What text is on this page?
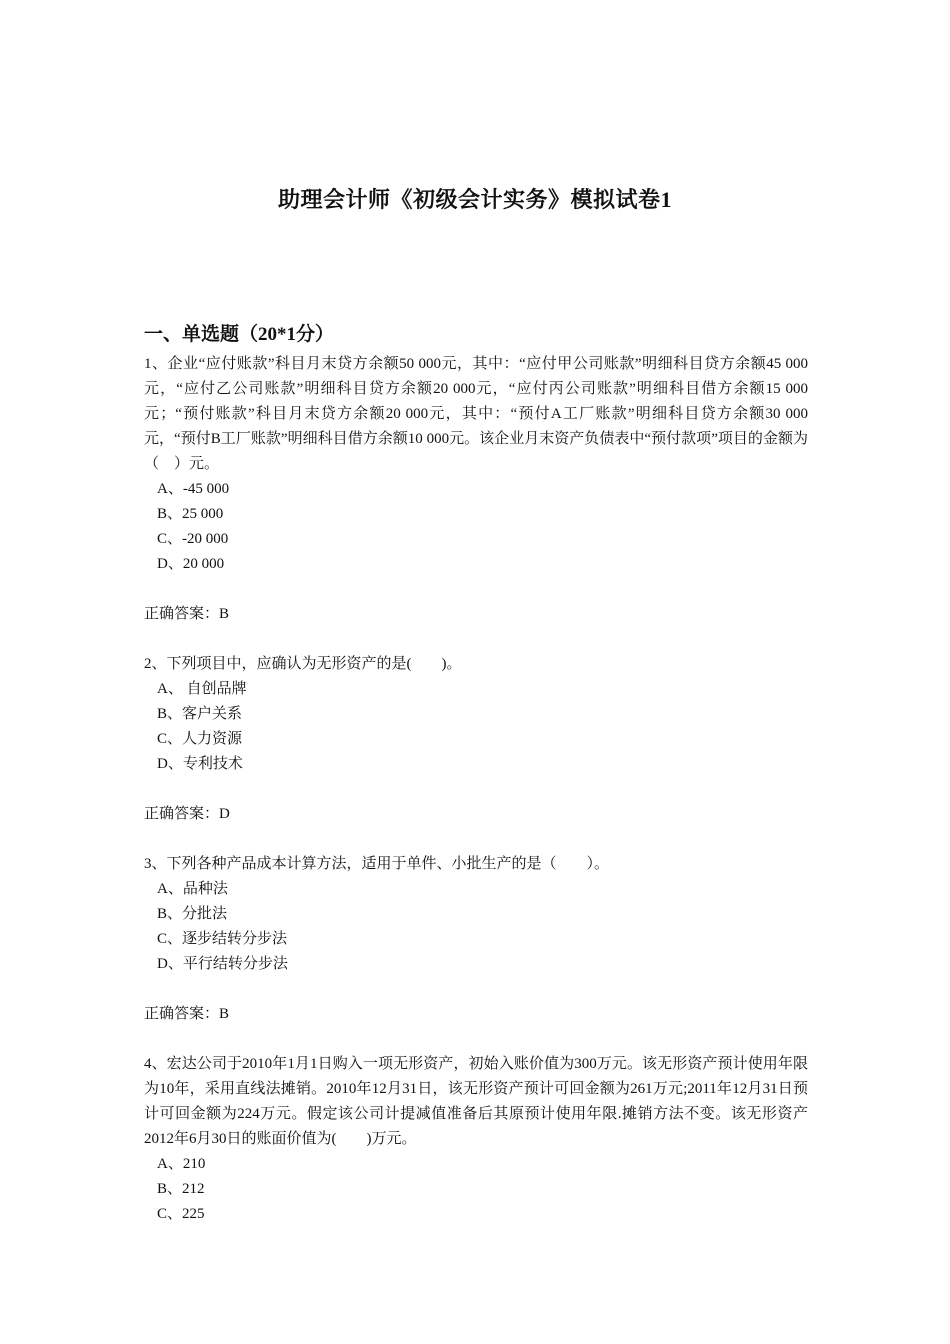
助理会计师《初级会计实务》模拟试卷1
一、单选题（20*1分）

1、企业“应付账款”科目月末贷方余额50 000元，其中：“应付甲公司账款”明细科目贷方余额45 000元，“应付乙公司账款”明细科目贷方余额20 000元，“应付丙公司账款”明细科目借方余额15 000元；“预付账款”科目月末贷方余额20 000元，其中：“预付A工厂账款”明细科目贷方余额30 000元，“预付B工厂账款”明细科目借方余额10 000元。该企业月末资产负债表中“预付款项”项目的金额为（　）元。

A、-45 000
B、25 000
C、-20 000
D、20 000
正确答案：B

2、下列项目中，应确认为无形资产的是(　　)。

A、 自创品牌
B、客户关系
C、人力资源
D、专利技术
正确答案：D

3、下列各种产品成本计算方法，适用于单件、小批生产的是（　　）。

A、品种法
B、分批法
C、逐步结转分步法
D、平行结转分步法
正确答案：B

4、宏达公司于2010年1月1日购入一项无形资产，初始入账价值为300万元。该无形资产预计使用年限为10年，采用直线法摊销。2010年12月31日，该无形资产预计可回金额为261万元;2011年12月31日预计可回金额为224万元。假定该公司计提减值准备后其原预计使用年限.摊销方法不变。该无形资产2012年6月30日的账面价值为(　　)万元。

A、210
B、212
C、225
